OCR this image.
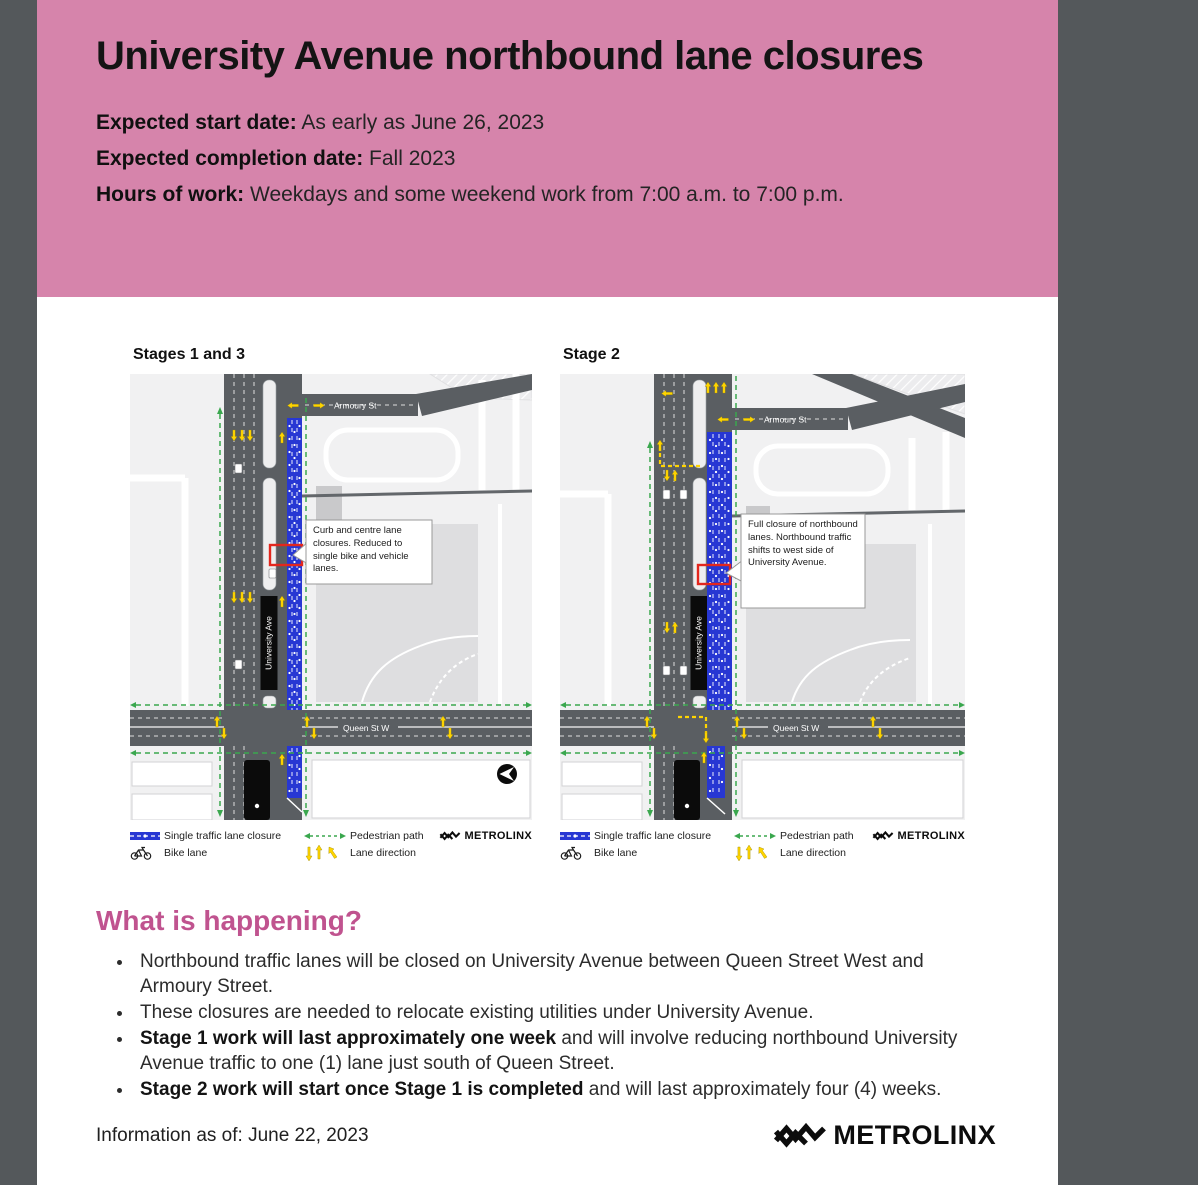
University Avenue northbound lane closures

Expected start date: As early as June 26, 2023

Expected completion date: Fall 2023

Hours of work: Weekdays and some weekend work from 7:00 a.m. to 7:00 p.m.

Stages 1 and 3
Queen St W
University Ave
Armoury St
Curb and centre lane closures. Reduced to single bike and vehicle lanes.
Single traffic lane closure	Pedestrian path	METROLINX
Bike lane	Lane direction
Stage 2
Queen St W
University Ave
Armoury St
Full closure of northbound lanes. Northbound traffic shifts to west side of University Avenue.
Single traffic lane closure	Pedestrian path	METROLINX
Bike lane	Lane direction
What is happening?
• Northbound traffic lanes will be closed on University Avenue between Queen Street West and Armoury Street.
• These closures are needed to relocate existing utilities under University Avenue.
• Stage 1 work will last approximately one week and will involve reducing northbound University Avenue traffic to one (1) lane just south of Queen Street.
• Stage 2 work will start once Stage 1 is completed and will last approximately four (4) weeks.
Information as of: June 22, 2023	METROLINX
